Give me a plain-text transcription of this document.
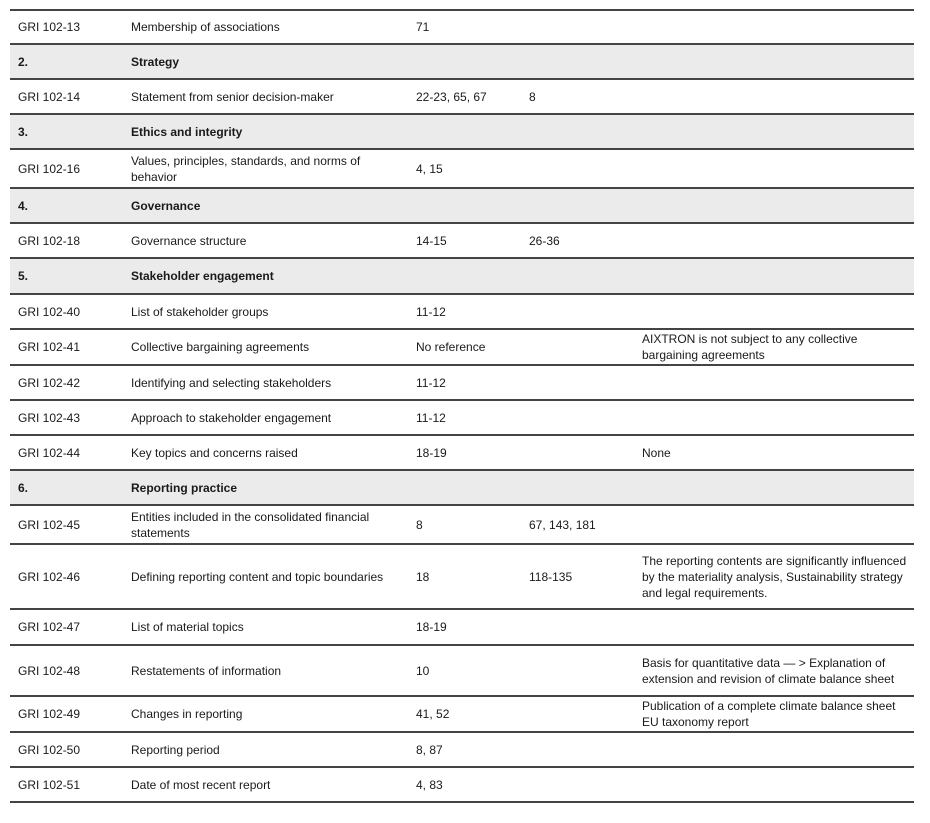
GRI 102-13	Membership of associations	71		
2.	Strategy			
GRI 102-14	Statement from senior decision-maker	22-23, 65, 67	8	
3.	Ethics and integrity			
GRI 102-16	Values, principles, standards, and norms of behavior	4, 15		
4.	Governance			
GRI 102-18	Governance structure	14-15	26-36	
5.	Stakeholder engagement			
GRI 102-40	List of stakeholder groups	11-12		
GRI 102-41	Collective bargaining agreements	No reference		AIXTRON is not subject to any collective bargaining agreements
GRI 102-42	Identifying and selecting stakeholders	11-12		
GRI 102-43	Approach to stakeholder engagement	11-12		
GRI 102-44	Key topics and concerns raised	18-19		None
6.	Reporting practice			
GRI 102-45	Entities included in the consolidated financial statements	8	67, 143, 181	
GRI 102-46	Defining reporting content and topic boundaries	18	118-135	The reporting contents are significantly influenced by the materiality analysis, Sustainability strategy and legal requirements.
GRI 102-47	List of material topics	18-19		
GRI 102-48	Restatements of information	10		Basis for quantitative data — > Explanation of extension and revision of climate balance sheet
GRI 102-49	Changes in reporting	41, 52		Publication of a complete climate balance sheet EU taxonomy report
GRI 102-50	Reporting period	8, 87		
GRI 102-51	Date of most recent report	4, 83		
